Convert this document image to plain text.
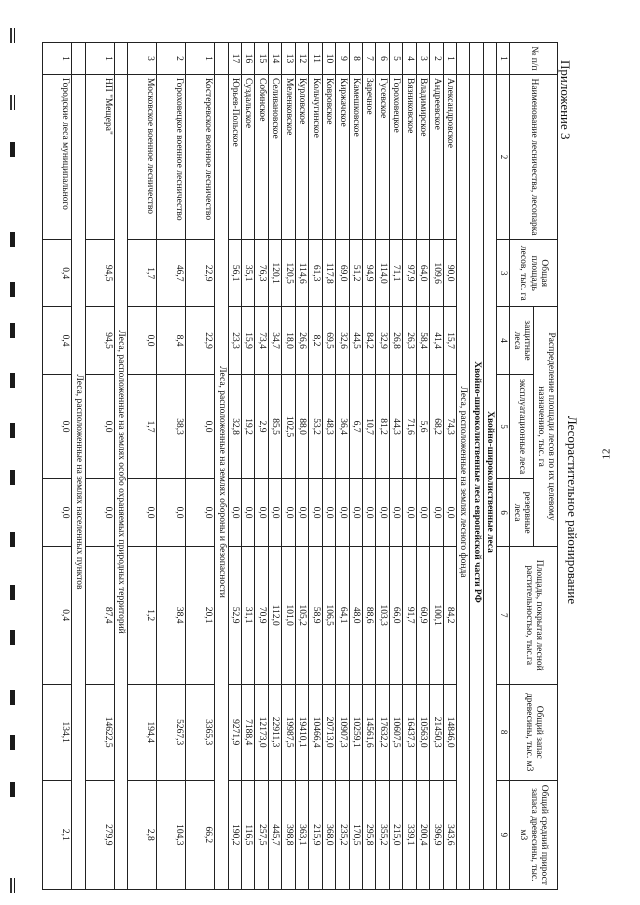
Приложение 3
12
Лесорастительное районирование
№ п/п	Наименование лесничества, лесопарка	Общая площадь лесов, тыс. га	Распределение площади лесов по их целевому назначению, тыс. га			Площадь, покрытая лесной растительностью, тыс.га	Общий запас древесины, тыс. м3	Общий средний прирост запаса древесины, тыс. м3
			защитные леса	эксплуатационные леса	резервные леса			
1	2	3	4	5	6	7	8	9
	Хвойно-широколиственные леса							
	Хвойно-широколиственные леса европейской части РФ							
	Леса, расположенные на землях лесного фонда							
1	Александровское	90,0	15,7	74,3	0,0	84,2	14846,0	343,6
2	Андреевское	109,6	41,4	68,2	0,0	100,1	21450,3	396,9
3	Владимирское	64,0	58,4	5,6	0,0	60,9	10563,0	200,4
4	Вязниковское	97,9	26,3	71,6	0,0	91,7	16437,3	339,1
5	Гороховецкое	71,1	26,8	44,3	0,0	66,0	10607,5	215,0
6	Гусевское	114,0	32,9	81,2	0,0	103,3	17632,2	355,2
7	Заречное	94,9	84,2	10,7	0,0	88,6	14561,6	295,8
8	Камешковское	51,2	44,5	6,7	0,0	48,0	10259,1	170,5
9	Киржачское	69,0	32,6	36,4	0,0	64,1	10907,3	235,2
10	Ковровское	117,8	69,5	48,3	0,0	106,5	20713,0	368,0
11	Кольчугинское	61,3	8,2	53,2	0,0	58,9	10466,4	215,9
12	Курловское	114,6	26,6	88,0	0,0	105,2	19410,1	363,1
13	Меленковское	120,5	18,0	102,5	0,0	101,0	19987,5	398,8
14	Селивановское	120,1	34,7	85,5	0,0	112,0	22911,3	445,7
15	Собинское	76,3	73,4	2,9	0,0	70,9	12173,0	257,5
16	Суздальское	35,1	15,9	19,2	0,0	31,1	7188,4	116,5
17	Юрьев-Польское	56,1	23,3	32,8	0,0	52,9	9271,9	190,2
	Леса, расположенные на землях обороны и безопасности							
1	Костеревское военное лесничество	22,9	22,9	0,0	0,0	20,1	3365,3	66,2
2	Гороховецкое военное лесничество	46,7	8,4	38,3	0,0	38,4	5267,3	104,3
3	Московское военное лесничество	1,7	0,0	1,7	0,0	1,2	194,4	2,8
	Леса, расположенные на землях особо охраняемых природных территорий							
1	НП "Мещера"	94,5	94,5	0,0	0,0	87,4	14622,5	279,9
	Леса, расположенные на землях населенных пунктов							
1	Городские леса муниципального	0,4	0,4	0,0	0,0	0,4	134,1	2,1
